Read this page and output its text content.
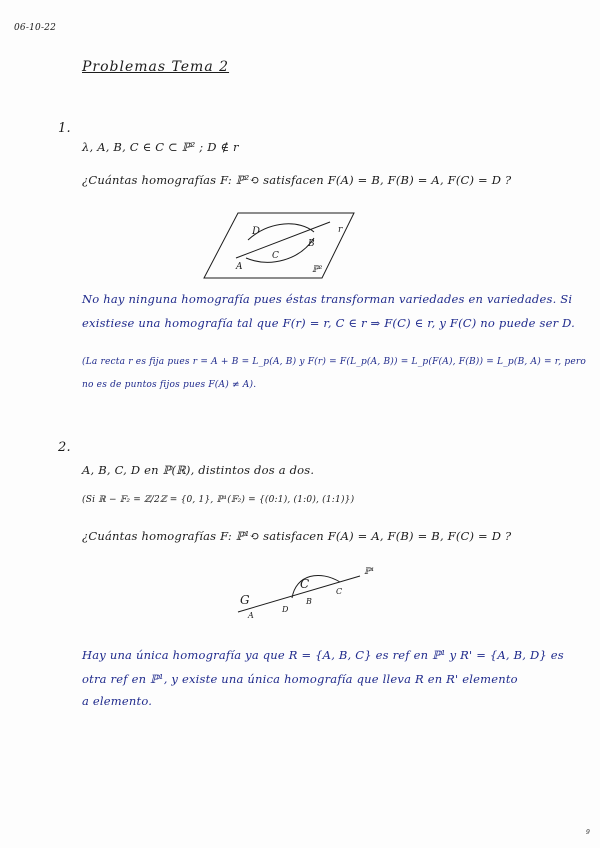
06-10-22
Problemas Tema 2
1.
λ, A, B, C ∈ C ⊂ ℙ² ; D ∉ r
¿Cuántas homografías F: ℙ²⟲ satisfacen F(A) = B, F(B) = A, F(C) = D ?
D
A
C
B
r
ℙ²
No hay ninguna homografía pues éstas transforman variedades en variedades. Si
existiese una homografía tal que F(r) = r, C ∈ r ⇒ F(C) ∈ r, y F(C) no puede ser D.
(La recta r es fija pues r = A + B = L_p(A, B) y F(r) = F(L_p(A, B)) = L_p(F(A), F(B)) = L_p(B, A) = r, pero
no es de puntos fijos pues F(A) ≠ A).
2.
A, B, C, D en ℙ(ℝ), distintos dos a dos.
(Si ℝ − 𝔽₂ = ℤ/2ℤ = {0, 1}, ℙ¹(𝔽₂) = {(0:1), (1:0), (1:1)})
¿Cuántas homografías F: ℙ¹⟲ satisfacen F(A) = A, F(B) = B, F(C) = D ?
G
A
D
C
B
C
ℙ¹
Hay una única homografía ya que R = {A, B, C} es ref en ℙ¹ y R' = {A, B, D} es
otra ref en ℙ¹, y existe una única homografía que lleva R en R' elemento
a elemento.
9
